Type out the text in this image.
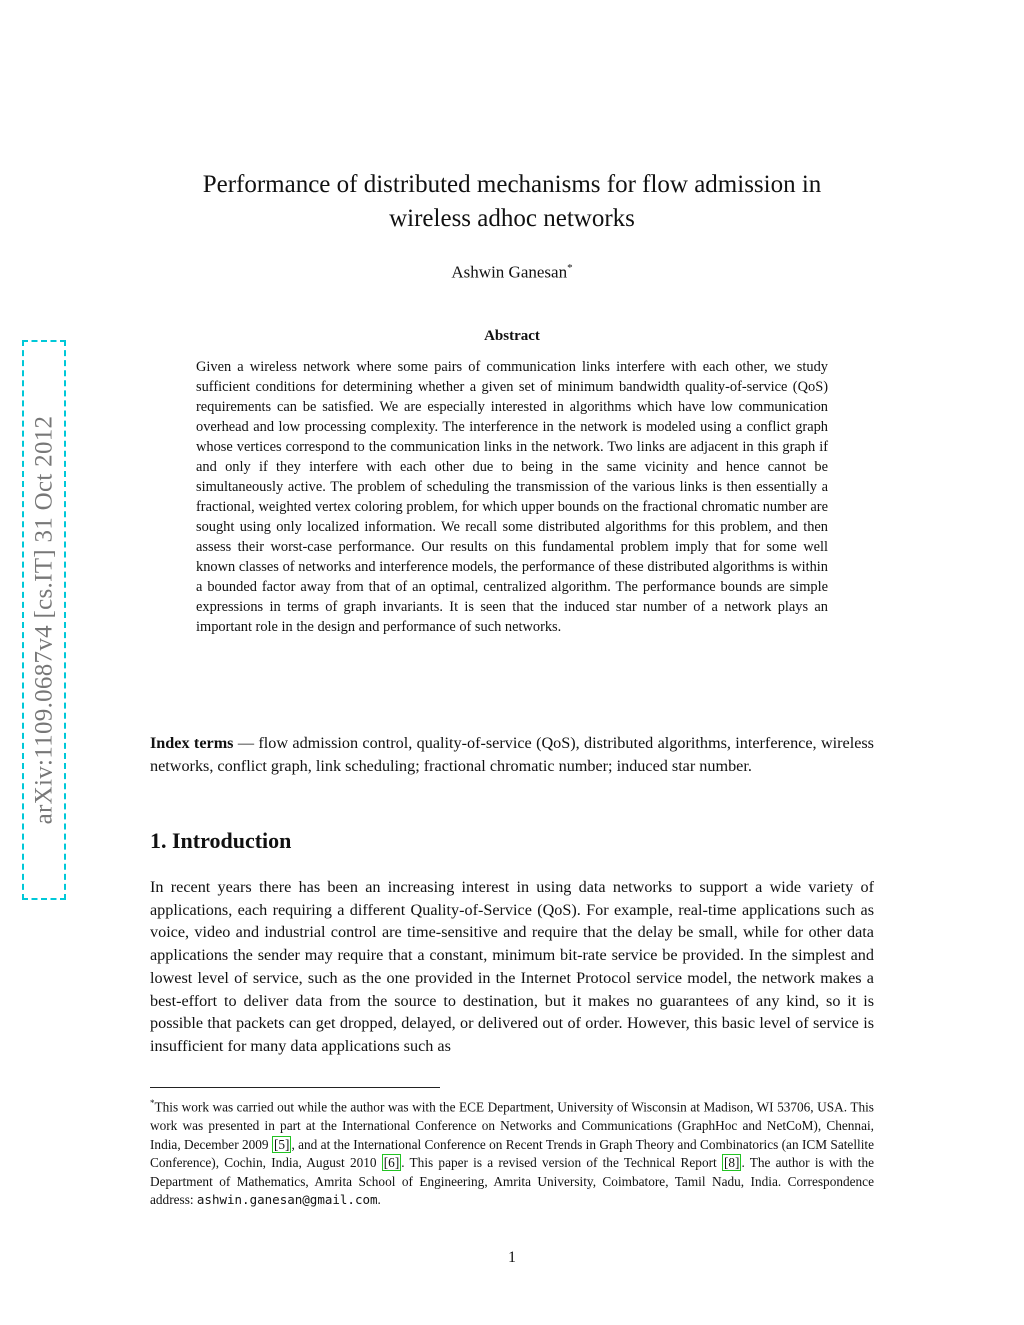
arXiv:1109.0687v4 [cs.IT] 31 Oct 2012
Performance of distributed mechanisms for flow admission in
wireless adhoc networks
Ashwin Ganesan*
Abstract

Given a wireless network where some pairs of communication links interfere with each other, we study sufficient conditions for determining whether a given set of minimum bandwidth quality-of-service (QoS) requirements can be satisfied. We are especially interested in algorithms which have low communication overhead and low processing complexity. The interference in the network is modeled using a conflict graph whose vertices correspond to the communication links in the network. Two links are adjacent in this graph if and only if they interfere with each other due to being in the same vicinity and hence cannot be simultaneously active. The problem of scheduling the transmission of the various links is then essentially a fractional, weighted vertex coloring problem, for which upper bounds on the fractional chromatic number are sought using only localized information. We recall some distributed algorithms for this problem, and then assess their worst-case performance. Our results on this fundamental problem imply that for some well known classes of networks and interference models, the performance of these distributed algorithms is within a bounded factor away from that of an optimal, centralized algorithm. The performance bounds are simple expressions in terms of graph invariants. It is seen that the induced star number of a network plays an important role in the design and performance of such networks.

Index terms — flow admission control, quality-of-service (QoS), distributed algorithms, interference, wireless networks, conflict graph, link scheduling; fractional chromatic number; induced star number.

1. Introduction

In recent years there has been an increasing interest in using data networks to support a wide variety of applications, each requiring a different Quality-of-Service (QoS). For example, real-time applications such as voice, video and industrial control are time-sensitive and require that the delay be small, while for other data applications the sender may require that a constant, minimum bit-rate service be provided. In the simplest and lowest level of service, such as the one provided in the Internet Protocol service model, the network makes a best-effort to deliver data from the source to destination, but it makes no guarantees of any kind, so it is possible that packets can get dropped, delayed, or delivered out of order. However, this basic level of service is insufficient for many data applications such as

*This work was carried out while the author was with the ECE Department, University of Wisconsin at Madison, WI 53706, USA. This work was presented in part at the International Conference on Networks and Communications (GraphHoc and NetCoM), Chennai, India, December 2009 [5] , and at the International Conference on Recent Trends in Graph Theory and Combinatorics (an ICM Satellite Conference), Cochin, India, August 2010 [6] . This paper is a revised version of the Technical Report [8] . The author is with the Department of Mathematics, Amrita School of Engineering, Amrita University, Coimbatore, Tamil Nadu, India. Correspondence address: ashwin.ganesan@gmail.com.

1
